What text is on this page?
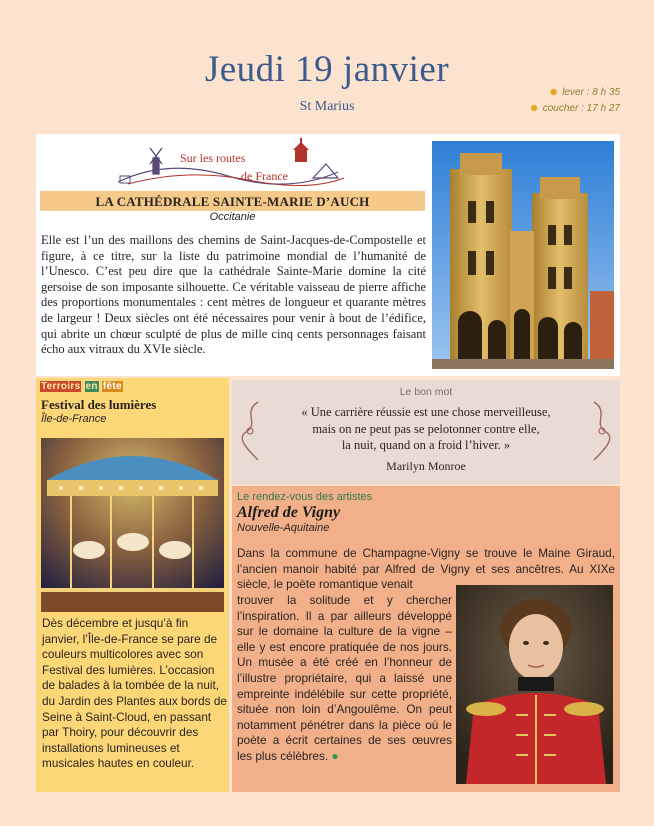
Jeudi 19 janvier
St Marius
✹ lever : 8 h 35
✹ coucher : 17 h 27
Sur les routes
de France
LA CATHÉDRALE SAINTE-MARIE D’AUCH
Occitanie

Elle est l’un des maillons des chemins de Saint-Jacques-de-Compostelle et figure, à ce titre, sur la liste du patrimoine mondial de l’humanité de l’Unesco. C’est peu dire que la cathédrale Sainte-Marie domine la cité gersoise de son imposante silhouette. Ce véritable vaisseau de pierre affiche des proportions monumentales : cent mètres de longueur et quarante mètres de largeur ! Deux siècles ont été nécessaires pour venir à bout de l’édifice, qui abrite un chœur sculpté de plus de mille cinq cents personnages faisant écho aux vitraux du XVIe siècle.

Terroirs en fête
Festival des lumières
Île-de-France

Dès décembre et jusqu’à fin janvier, l’Île-de-France se pare de couleurs multicolores avec son Festival des lumières. L’occasion de balades à la tombée de la nuit, du Jardin des Plantes aux bords de Seine à Saint-Cloud, en passant par Thoiry, pour découvrir des installations lumineuses et musicales hautes en couleur.

Le bon mot
« Une carrière réussie est une chose merveilleuse,
mais on ne peut pas se pelotonner contre elle,
la nuit, quand on a froid l’hiver. »
Marilyn Monroe
Le rendez-vous des artistes
Alfred de Vigny
Nouvelle-Aquitaine

Dans la commune de Champagne-Vigny se trouve le Maine Giraud, l’ancien manoir habité par Alfred de Vigny et ses ancêtres. Au XIXe siècle, le poète romantique venait

trouver la solitude et y chercher l’inspiration. Il a par ailleurs développé sur le domaine la culture de la vigne – elle y est encore pratiquée de nos jours. Un musée a été créé en l’honneur de l’illustre propriétaire, qui a laissé une empreinte indélébile sur cette propriété, située non loin d’Angoulême. On peut notamment pénétrer dans la pièce où le poète a écrit certaines de ses œuvres les plus célèbres. ●
